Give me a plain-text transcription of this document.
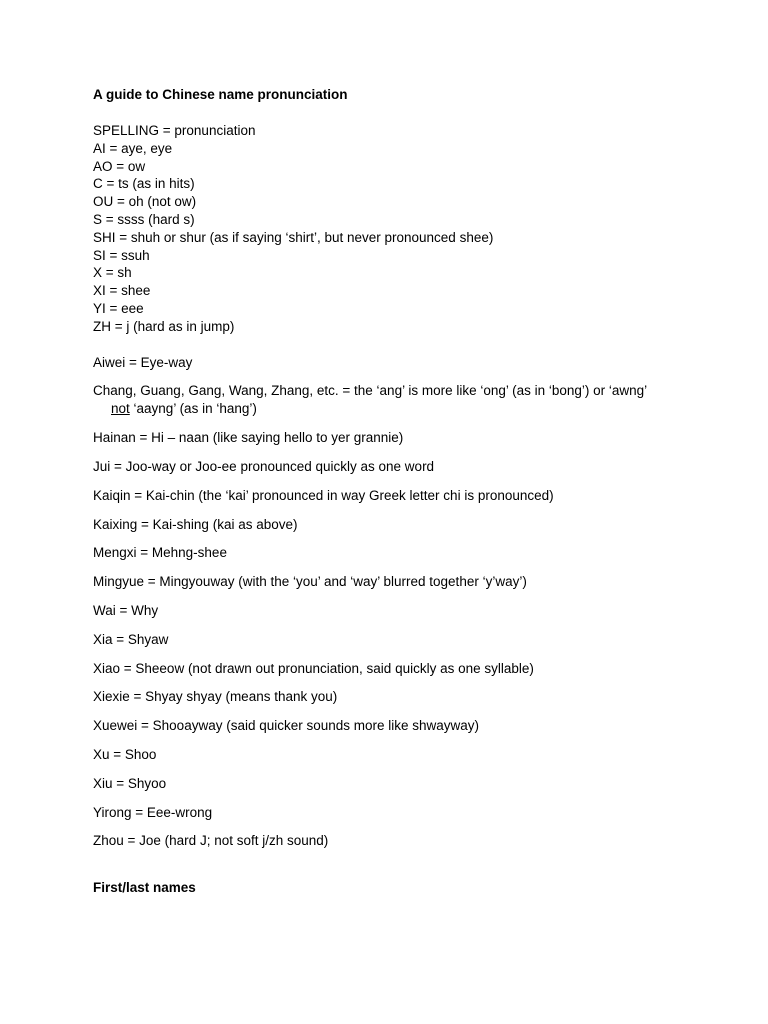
A guide to Chinese name pronunciation
SPELLING = pronunciation
AI = aye, eye
AO = ow
C = ts (as in hits)
OU = oh (not ow)
S = ssss (hard s)
SHI = shuh or shur (as if saying ‘shirt’, but never pronounced shee)
SI = ssuh
X = sh
XI = shee
YI = eee
ZH = j (hard as in jump)

Aiwei = Eye-way

Chang, Guang, Gang, Wang, Zhang, etc. = the ‘ang’ is more like ‘ong’ (as in ‘bong’) or ‘awng’
not ‘aayng’ (as in ‘hang’)

Hainan = Hi – naan (like saying hello to yer grannie)

Jui = Joo-way or Joo-ee pronounced quickly as one word

Kaiqin = Kai-chin (the ‘kai’ pronounced in way Greek letter chi is pronounced)

Kaixing = Kai-shing (kai as above)

Mengxi = Mehng-shee

Mingyue = Mingyouway (with the ‘you’ and ‘way’ blurred together ‘y’way’)

Wai = Why

Xia = Shyaw

Xiao = Sheeow (not drawn out pronunciation, said quickly as one syllable)

Xiexie = Shyay shyay (means thank you)

Xuewei = Shooayway (said quicker sounds more like shwayway)

Xu = Shoo

Xiu = Shyoo

Yirong = Eee-wrong

Zhou = Joe (hard J; not soft j/zh sound)

First/last names
